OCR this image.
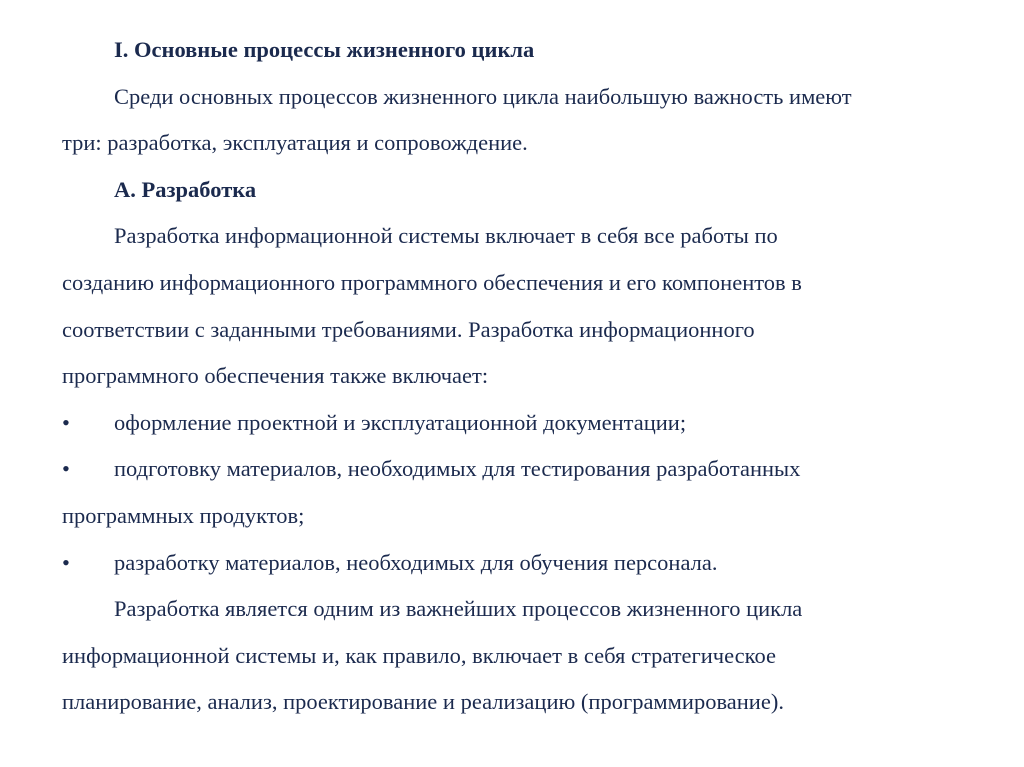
I. Основные процессы жизненного цикла
Среди основных процессов жизненного цикла наибольшую важность имеют
три: разработка, эксплуатация и сопровождение.
А. Разработка
Разработка информационной системы включает в себя все работы по
созданию информационного программного обеспечения и его компонентов в
соответствии с заданными требованиями. Разработка информационного
программного обеспечения также включает:
• оформление проектной и эксплуатационной документации;
• подготовку материалов, необходимых для тестирования разработанных
программных продуктов;
• разработку материалов, необходимых для обучения персонала.
Разработка является одним из важнейших процессов жизненного цикла
информационной системы и, как правило, включает в себя стратегическое
планирование, анализ, проектирование и реализацию (программирование).
